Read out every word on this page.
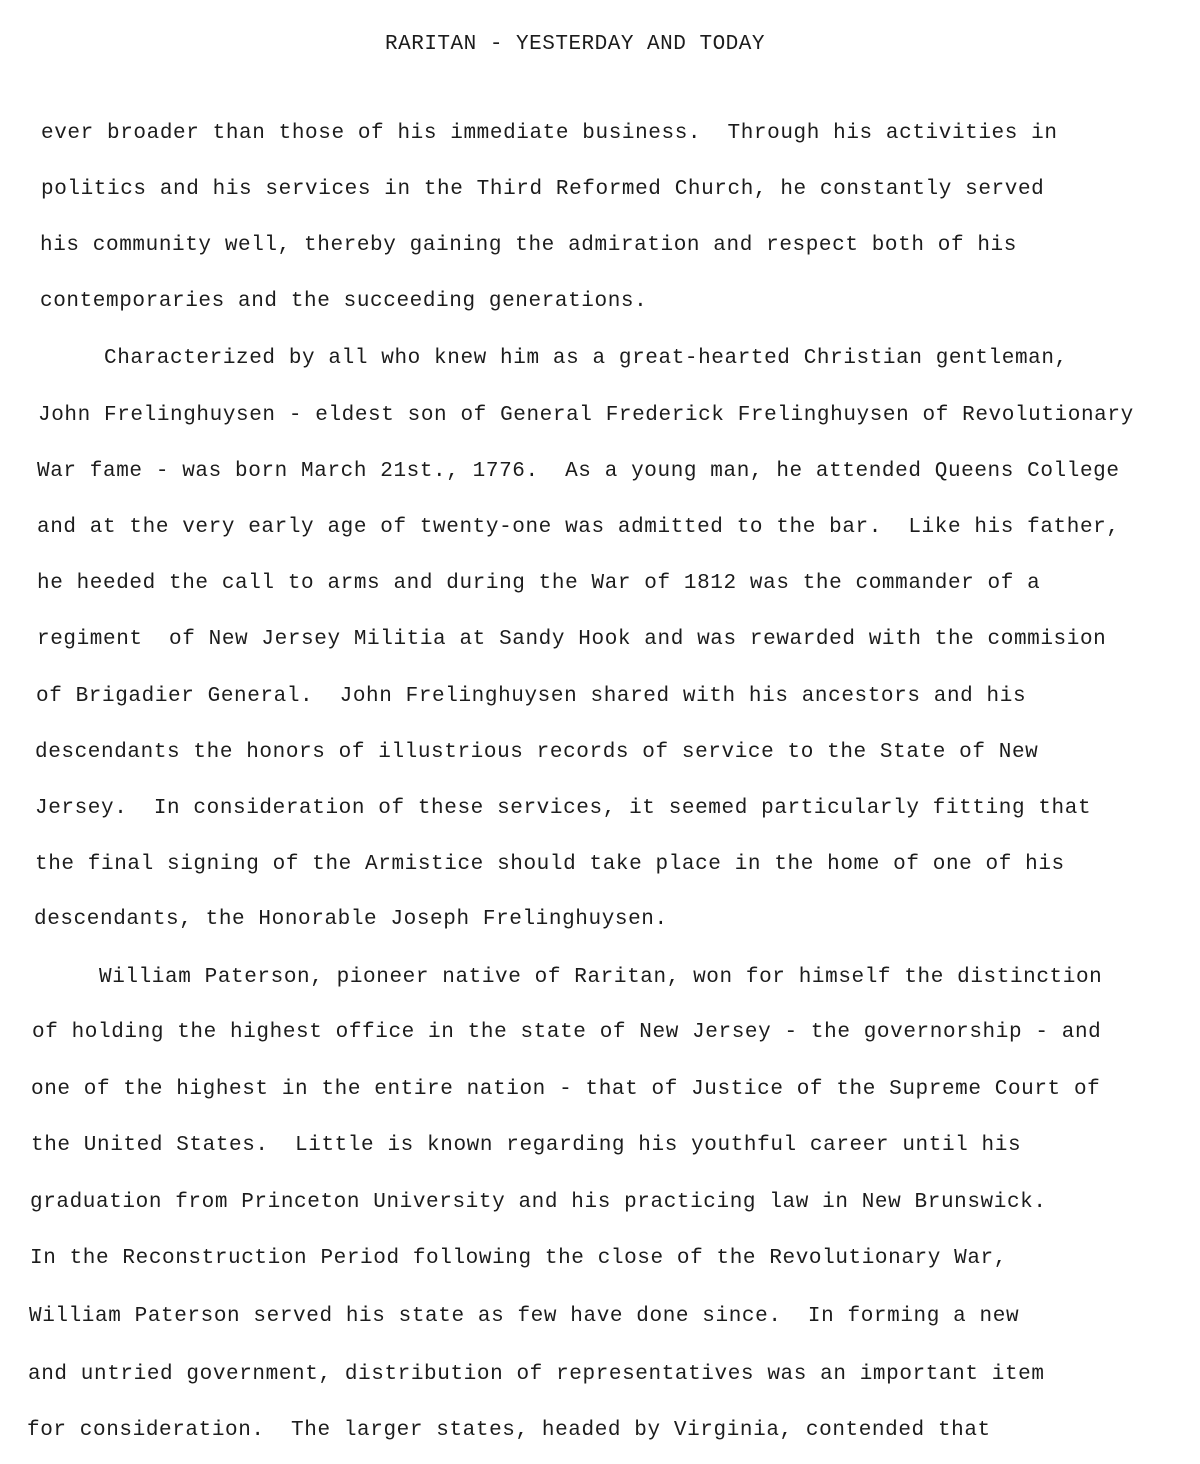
RARITAN - YESTERDAY AND TODAY
ever broader than those of his immediate business.  Through his activities in
politics and his services in the Third Reformed Church, he constantly served
his community well, thereby gaining the admiration and respect both of his
contemporaries and the succeeding generations.
Characterized by all who knew him as a great-hearted Christian gentleman,
John Frelinghuysen - eldest son of General Frederick Frelinghuysen of Revolutionary
War fame - was born March 21st., 1776.  As a young man, he attended Queens College
and at the very early age of twenty-one was admitted to the bar.  Like his father,
he heeded the call to arms and during the War of 1812 was the commander of a
regiment  of New Jersey Militia at Sandy Hook and was rewarded with the commision
of Brigadier General.  John Frelinghuysen shared with his ancestors and his
descendants the honors of illustrious records of service to the State of New
Jersey.  In consideration of these services, it seemed particularly fitting that
the final signing of the Armistice should take place in the home of one of his
descendants, the Honorable Joseph Frelinghuysen.
William Paterson, pioneer native of Raritan, won for himself the distinction
of holding the highest office in the state of New Jersey - the governorship - and
one of the highest in the entire nation - that of Justice of the Supreme Court of
the United States.  Little is known regarding his youthful career until his
graduation from Princeton University and his practicing law in New Brunswick.
In the Reconstruction Period following the close of the Revolutionary War,
William Paterson served his state as few have done since.  In forming a new
and untried government, distribution of representatives was an important item
for consideration.  The larger states, headed by Virginia, contended that
